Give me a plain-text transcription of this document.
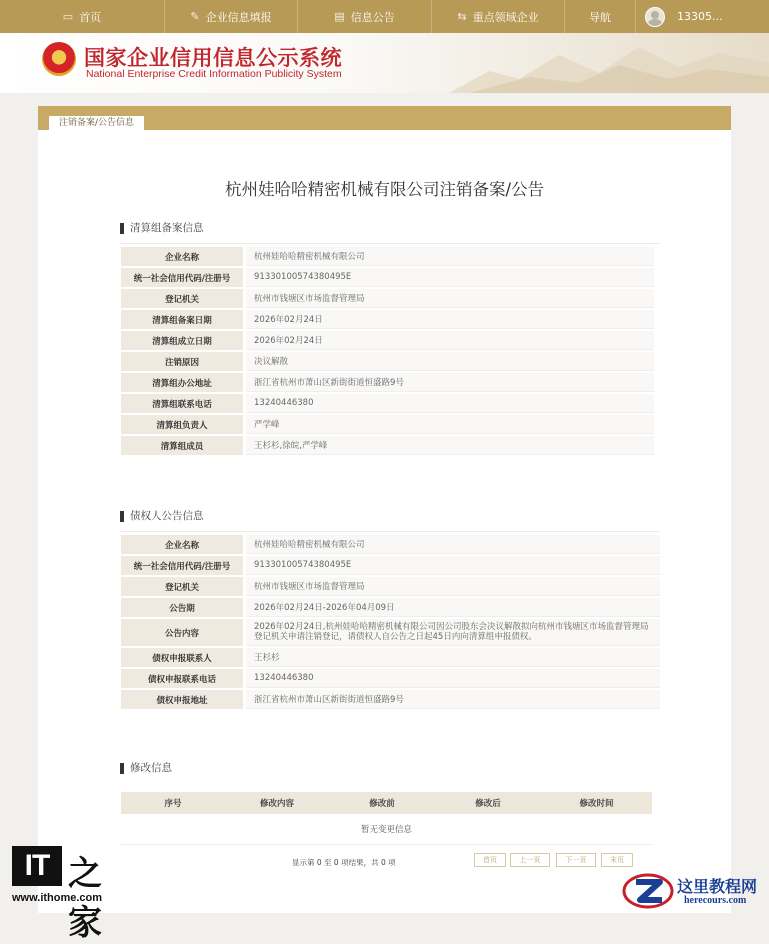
▭ 首页	✎ 企业信息填报	▤ 信息公告	⇆ 重点领域企业	导航	13305...
国家企业信用信息公示系统
National Enterprise Credit Information Publicity System
注销备案/公告信息
杭州娃哈哈精密机械有限公司注销备案/公告
清算组备案信息
企业名称	杭州娃哈哈精密机械有限公司
统一社会信用代码/注册号	91330100574380495E
登记机关	杭州市钱塘区市场监督管理局
清算组备案日期	2026年02月24日
清算组成立日期	2026年02月24日
注销原因	决议解散
清算组办公地址	浙江省杭州市萧山区新街街道恒盛路9号
清算组联系电话	13240446380
清算组负责人	严学峰
清算组成员	王杉杉,徐皖,严学峰
债权人公告信息
企业名称	杭州娃哈哈精密机械有限公司
统一社会信用代码/注册号	91330100574380495E
登记机关	杭州市钱塘区市场监督管理局
公告期	2026年02月24日-2026年04月09日
公告内容	2026年02月24日,杭州娃哈哈精密机械有限公司因公司股东会决议解散拟向杭州市钱塘区市场监督管理局登记机关申请注销登记，请债权人自公告之日起45日内向清算组申报债权。
债权申报联系人	王杉杉
债权申报联系电话	13240446380
债权申报地址	浙江省杭州市萧山区新街街道恒盛路9号
修改信息
序号	修改内容	修改前	修改后	修改时间
暂无变更信息
显示第 0 至 0 项结果，共 0 项	首页	上一页	下一页	末页
IT 之家
www.ithome.com
这里教程网
herecours.com
